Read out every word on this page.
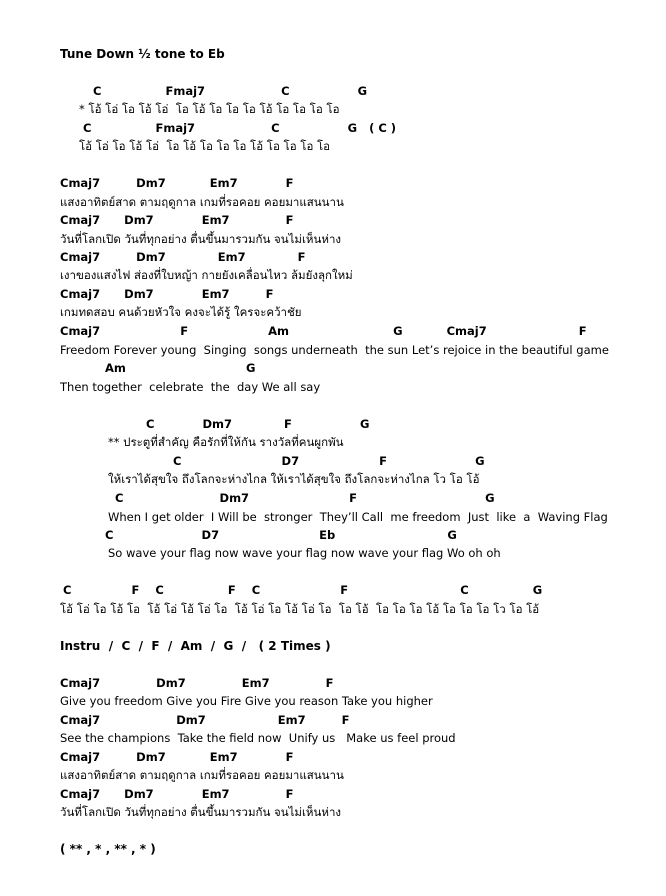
Tune Down ½ tone to Eb
C                Fmaj7                   C                 G
* โอ้ โอ่ โอ โอ้ โอ่  โอ โอ้ โอ โอ โอ โอ้ โอ โอ โอ โอ
C                Fmaj7                   C                 G   ( C )
โอ้ โอ่ โอ โอ้ โอ่  โอ โอ้ โอ โอ โอ โอ้ โอ โอ โอ โอ
Cmaj7         Dm7           Em7            F
แสงอาทิตย์สาด ตามฤดูกาล เกมที่รอคอย คอยมาแสนนาน
Cmaj7      Dm7            Em7              F
วันที่โลกเปิด วันที่ทุกอย่าง ตื่นขึ้นมารวมกัน จนไม่เห็นห่าง
Cmaj7         Dm7             Em7             F
เงาของแสงไฟ ส่องที่ใบหญ้า กายยังเคลื่อนไหว ล้มยังลุกใหม่
Cmaj7      Dm7            Em7         F
เกมทดสอบ คนด้วยหัวใจ คงจะได้รู้ ใครจะคว้าชัย
Cmaj7                    F                    Am                          G           Cmaj7                       F
Freedom Forever young  Singing  songs underneath  the sun Let’s rejoice in the beautiful game
Am                              G
Then together  celebrate  the  day We all say
C            Dm7             F                 G
** ประตูที่สำคัญ คือรักที่ให้กัน รางวัลที่คนผูกพัน
C                         D7                    F                      G
ให้เราได้สุขใจ ถึงโลกจะห่างไกล ให้เราได้สุขใจ ถึงโลกจะห่างไกล โว โอ โอ้
C                        Dm7                         F                                G
When I get older  I Will be  stronger  They’ll Call  me freedom  Just  like  a  Waving Flag
C                      D7                         Eb                            G
So wave your flag now wave your flag now wave your flag Wo oh oh
C               F    C                F    C                    F                            C                G
โอ้ โอ่ โอ โอ้ โอ  โอ้ โอ่ โอ้ โอ่ โอ  โอ้ โอ่ โอ โอ้ โอ่ โอ  โอ โอ้  โอ โอ โอ โอ้ โอ โอ โอ โว โอ โอ้
Instru  /  C  /  F  /  Am  /  G  /   ( 2 Times )
Cmaj7              Dm7              Em7              F
Give you freedom Give you Fire Give you reason Take you higher
Cmaj7                   Dm7                  Em7         F
See the champions  Take the field now  Unify us   Make us feel proud
Cmaj7         Dm7           Em7            F
แสงอาทิตย์สาด ตามฤดูกาล เกมที่รอคอย คอยมาแสนนาน
Cmaj7      Dm7            Em7              F
วันที่โลกเปิด วันที่ทุกอย่าง ตื่นขึ้นมารวมกัน จนไม่เห็นห่าง
( ** , * , ** , * )
